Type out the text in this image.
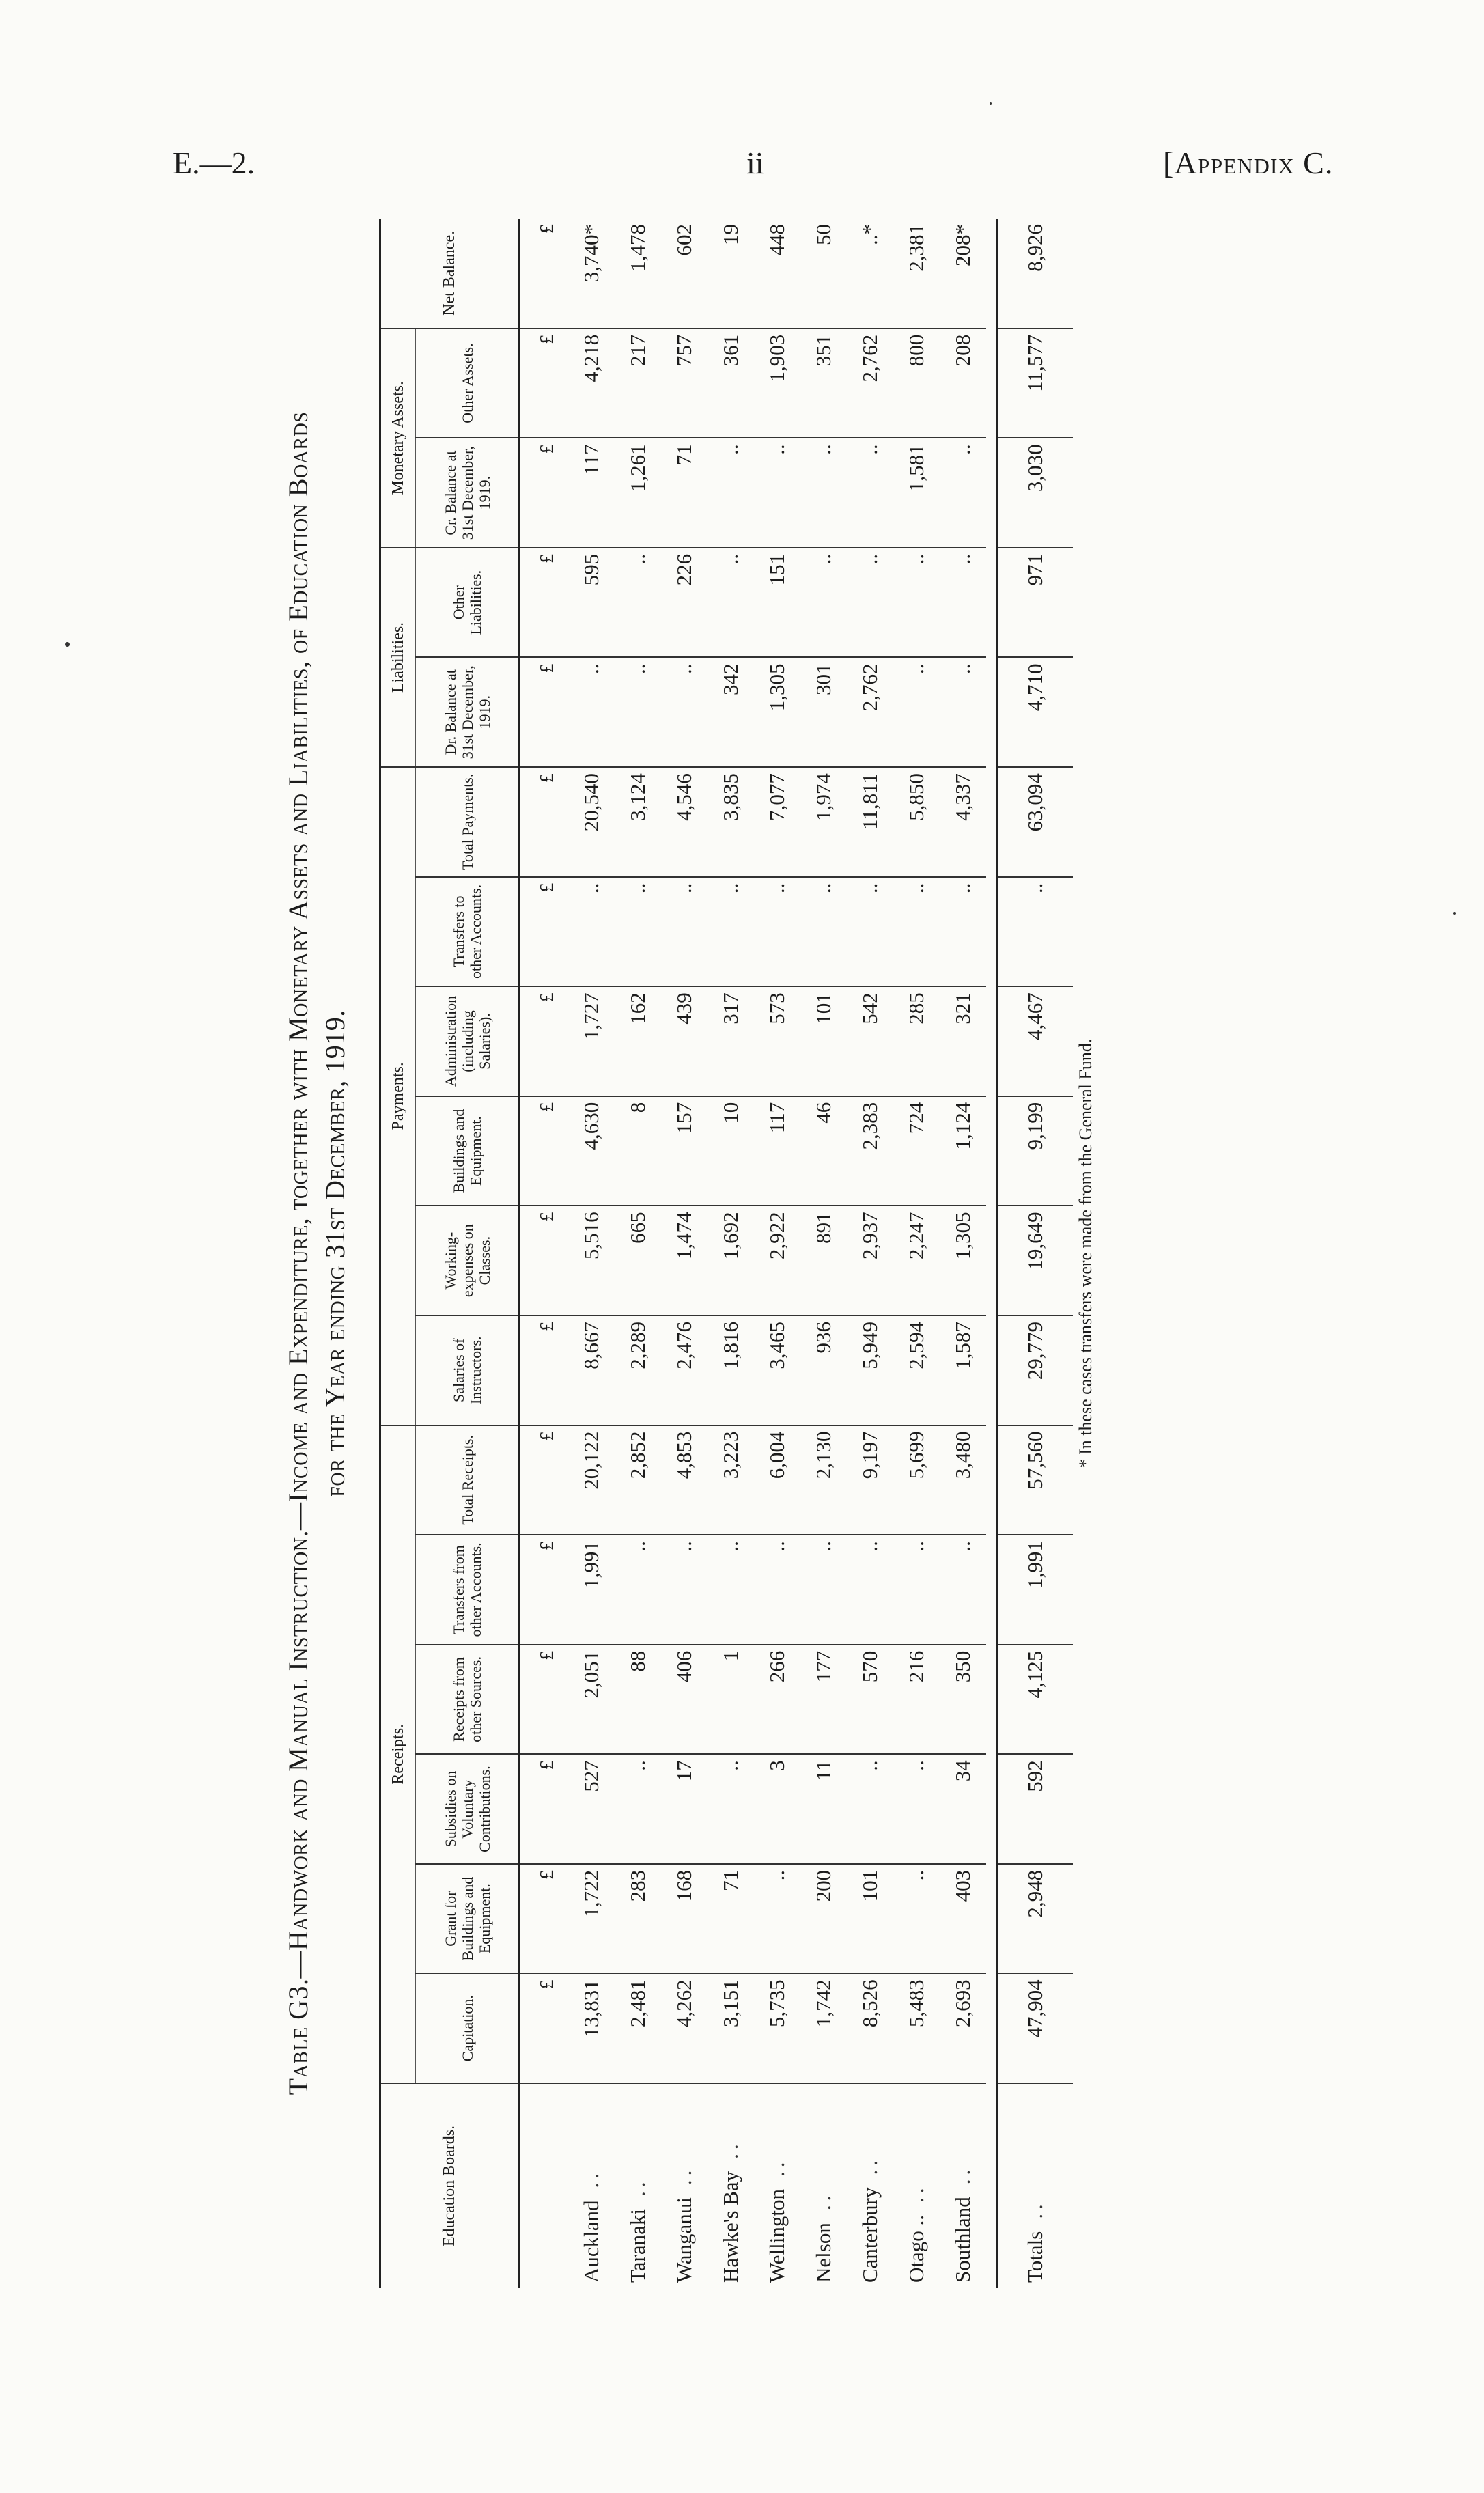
E.—2.	ii	[Appendix C.
Table G3.—Handwork and Manual Instruction.—Income and Expenditure, together with Monetary Assets and Liabilities, of Education Boards for the Year ending 31st December, 1919.
Education Boards.	Receipts.						Payments.						Liabilities.		Monetary Assets.		Net Balance.
	Capitation.	Grant for Buildings and Equipment.	Subsidies on Voluntary Contributions.	Receipts from other Sources.	Transfers from other Accounts.	Total Receipts.	Salaries of Instructors.	Working-expenses on Classes.	Buildings and Equipment.	Administration (including Salaries).	Transfers to other Accounts.	Total Payments.	Dr. Balance at 31st December, 1919.	Other Liabilities.	Cr. Balance at 31st December, 1919.	Other Assets.	
	£	£	£	£	£	£	£	£	£	£	£	£	£	£	£	£	£
Auckland..	13,831	1,722	527	2,051	1,991	20,122	8,667	5,516	4,630	1,727	..	20,540	..	595	117	4,218	3,740*
Taranaki..	2,481	283	..	88	..	2,852	2,289	665	8	162	..	3,124	..	..	1,261	217	1,478
Wanganui..	4,262	168	17	406	..	4,853	2,476	1,474	157	439	..	4,546	..	226	71	757	602
Hawke's Bay..	3,151	71	..	1	..	3,223	1,816	1,692	10	317	..	3,835	342	..	..	361	19
Wellington..	5,735	..	3	266	..	6,004	3,465	2,922	117	573	..	7,077	1,305	151	..	1,903	448
Nelson..	1,742	200	11	177	..	2,130	936	891	46	101	..	1,974	301	..	..	351	50
Canterbury..	8,526	101	..	570	..	9,197	5,949	2,937	2,383	542	..	11,811	2,762	..	..	2,762	..*
Otago ....	5,483	..	..	216	..	5,699	2,594	2,247	724	285	..	5,850	..	..	1,581	800	2,381
Southland..	2,693	403	34	350	..	3,480	1,587	1,305	1,124	321	..	4,337	..	..	..	208	208*

Totals..	47,904	2,948	592	4,125	1,991	57,560	29,779	19,649	9,199	4,467	..	63,094	4,710	971	3,030	11,577	8,926
* In these cases transfers were made from the General Fund.
